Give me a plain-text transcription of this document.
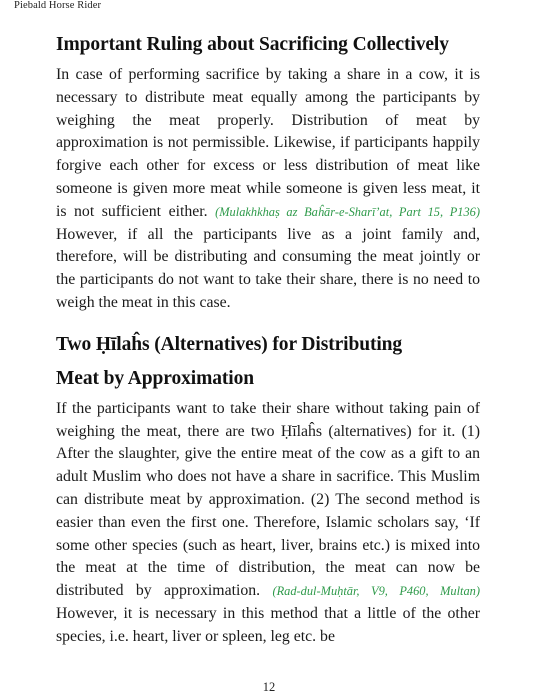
Piebald Horse Rider
Important Ruling about Sacrificing Collectively

In case of performing sacrifice by taking a share in a cow, it is necessary to distribute meat equally among the participants by weighing the meat properly. Distribution of meat by approximation is not permissible. Likewise, if participants happily forgive each other for excess or less distribution of meat like someone is given more meat while someone is given less meat, it is not sufficient either. (Mulakhkhaṣ az Baĥār-e-Sharī’at, Part 15, P136) However, if all the participants live as a joint family and, therefore, will be distributing and consuming the meat jointly or the participants do not want to take their share, there is no need to weigh the meat in this case.

Two Ḥīlaĥs (Alternatives) for Distributing
Meat by Approximation

If the participants want to take their share without taking pain of weighing the meat, there are two Ḥīlaĥs (alternatives) for it. (1) After the slaughter, give the entire meat of the cow as a gift to an adult Muslim who does not have a share in sacrifice. This Muslim can distribute meat by approximation. (2) The second method is easier than even the first one. Therefore, Islamic scholars say, ‘If some other species (such as heart, liver, brains etc.) is mixed into the meat at the time of distribution, the meat can now be distributed by approximation. (Rad-dul-Muḥtār, V9, P460, Multan) However, it is necessary in this method that a little of the other species, i.e. heart, liver or spleen, leg etc. be

12
